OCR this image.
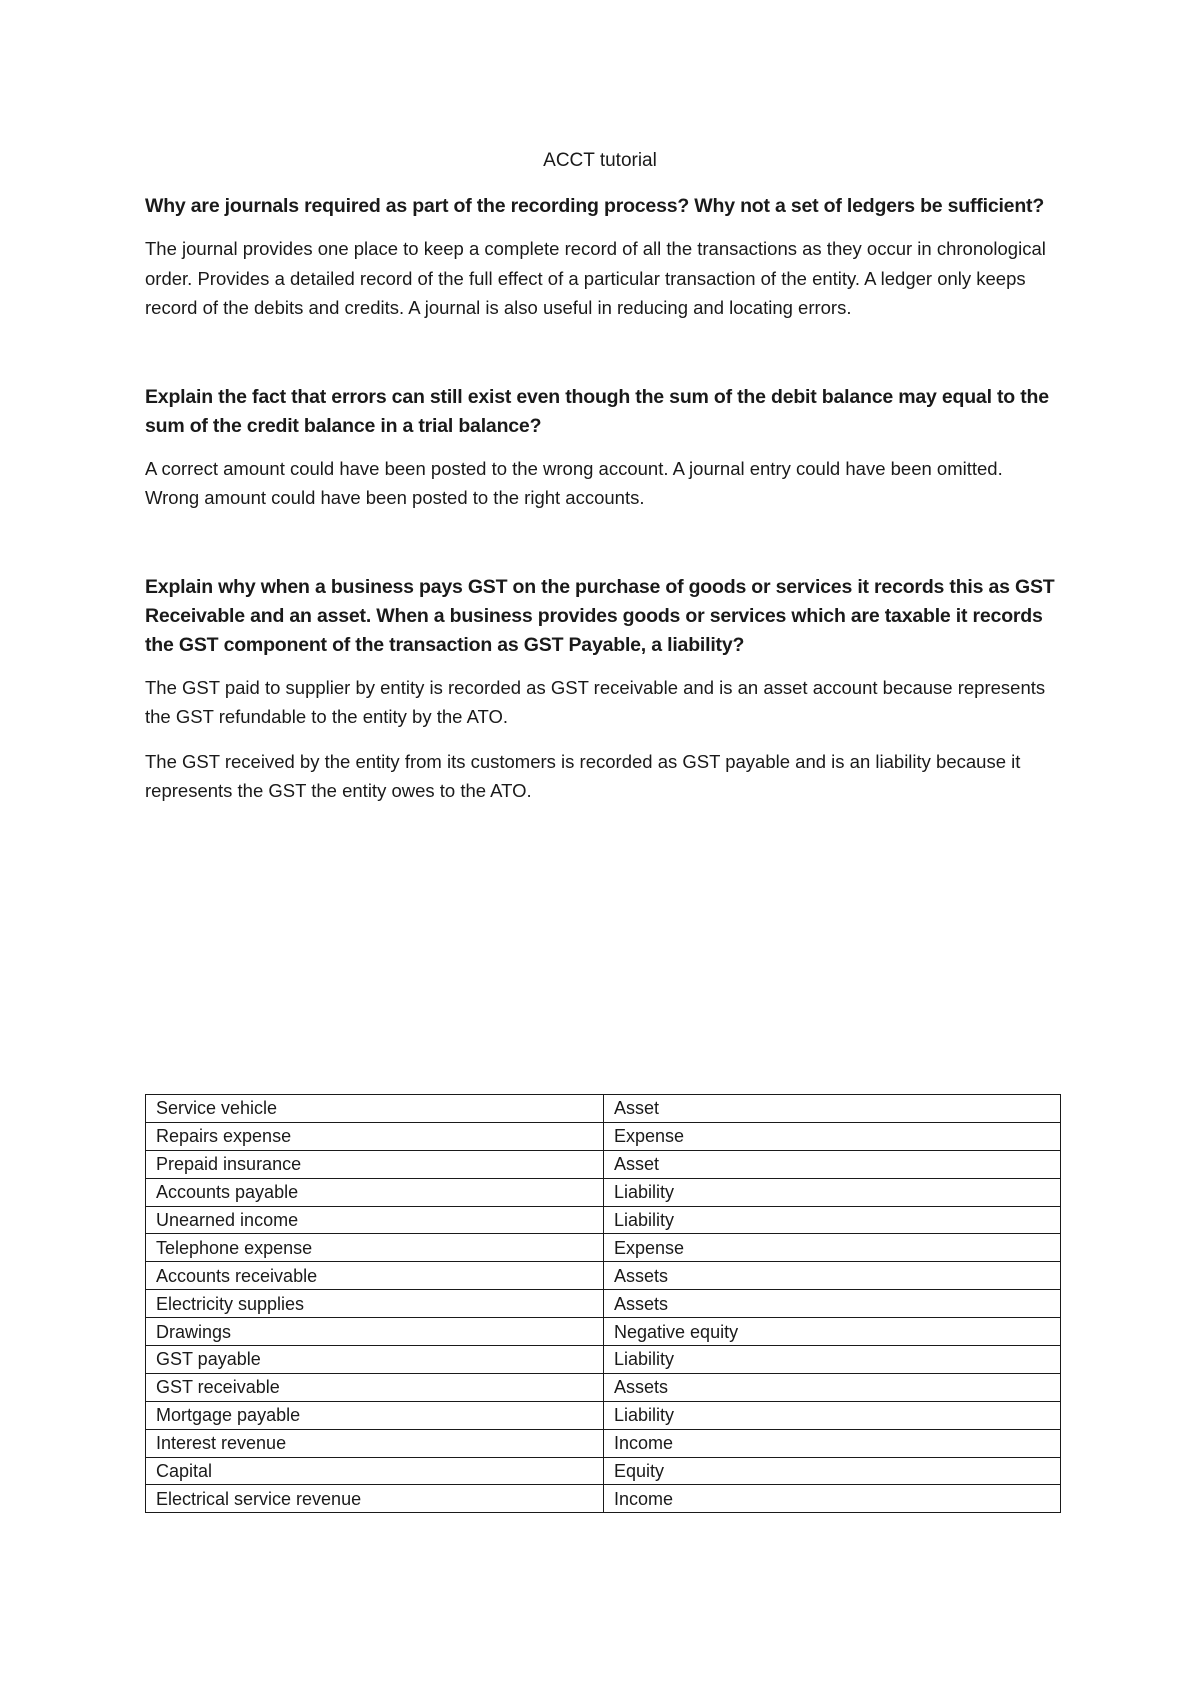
ACCT tutorial

Why are journals required as part of the recording process? Why not a set of ledgers be sufficient?

The journal provides one place to keep a complete record of all the transactions as they occur in chronological order. Provides a detailed record of the full effect of a particular transaction of the entity. A ledger only keeps record of the debits and credits. A journal is also useful in reducing and locating errors.

Explain the fact that errors can still exist even though the sum of the debit balance may equal to the sum of the credit balance in a trial balance?

A correct amount could have been posted to the wrong account. A journal entry could have been omitted. Wrong amount could have been posted to the right accounts.

Explain why when a business pays GST on the purchase of goods or services it records this as GST Receivable and an asset. When a business provides goods or services which are taxable it records the GST component of the transaction as GST Payable, a liability?

The GST paid to supplier by entity is recorded as GST receivable and is an asset account because represents the GST refundable to the entity by the ATO.

The GST received by the entity from its customers is recorded as GST payable and is an liability because it represents the GST the entity owes to the ATO.

Service vehicle	Asset
Repairs expense	Expense
Prepaid insurance	Asset
Accounts payable	Liability
Unearned income	Liability
Telephone expense	Expense
Accounts receivable	Assets
Electricity supplies	Assets
Drawings	Negative equity
GST payable	Liability
GST receivable	Assets
Mortgage payable	Liability
Interest revenue	Income
Capital	Equity
Electrical service revenue	Income
